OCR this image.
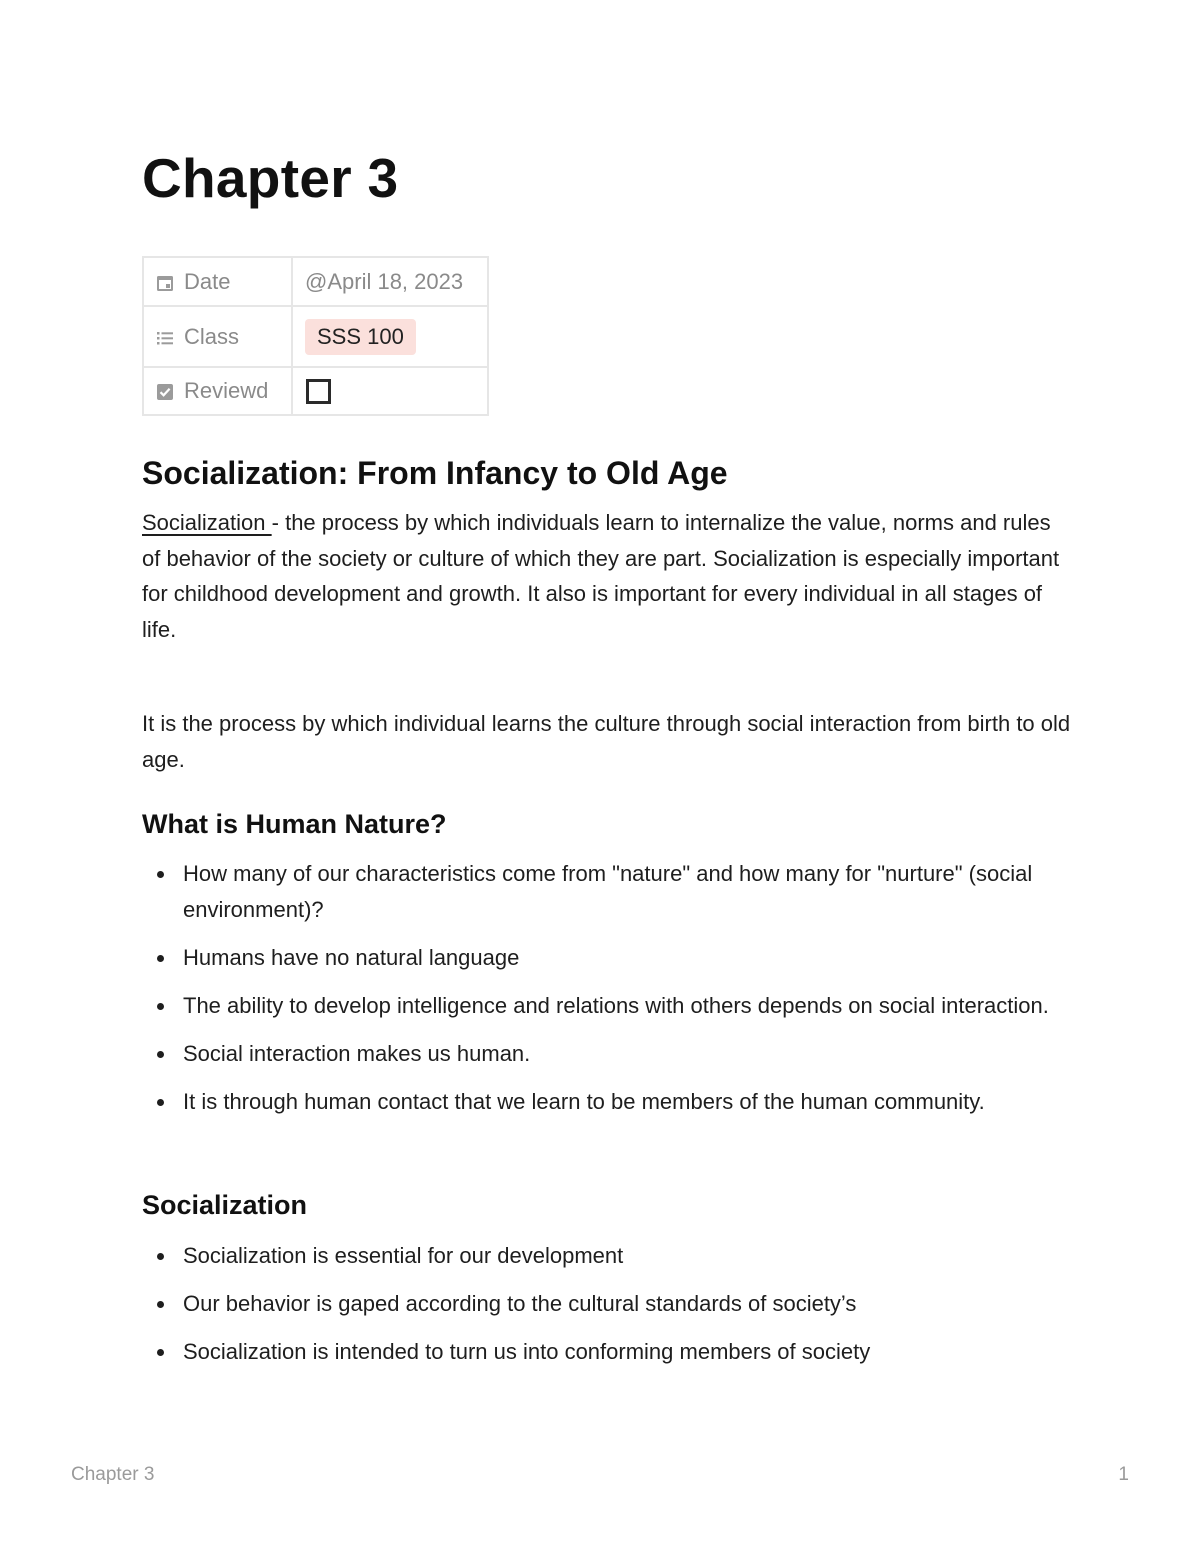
Chapter 3
Date	@April 18, 2023
Class	SSS 100
Reviewd	
Socialization: From Infancy to Old Age

Socialization - the process by which individuals learn to internalize the value, norms and rules of behavior of the society or culture of which they are part. Socialization is especially important for childhood development and growth. It also is important for every individual in all stages of life.

It is the process by which individual learns the culture through social interaction from birth to old age.

What is Human Nature?
How many of our characteristics come from "nature" and how many for "nurture" (social environment)?
Humans have no natural language
The ability to develop intelligence and relations with others depends on social interaction.
Social interaction makes us human.
It is through human contact that we learn to be members of the human community.
Socialization
Socialization is essential for our development
Our behavior is gaped according to the cultural standards of society’s
Socialization is intended to turn us into conforming members of society
Chapter 3	1
